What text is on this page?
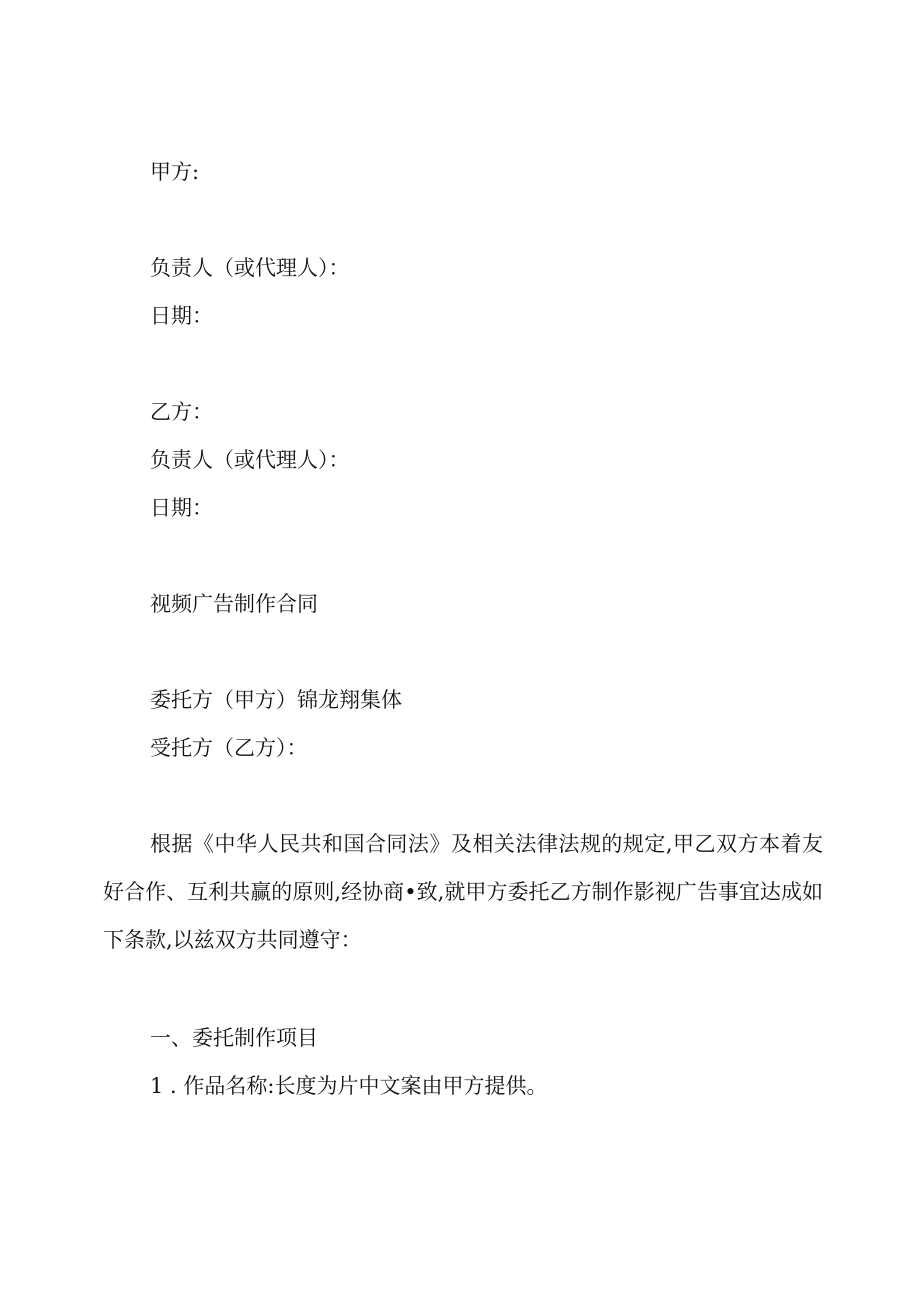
甲方:
负责人（或代理人）：
日期：
乙方：
负责人（或代理人）：
日期：
视频广告制作合同
委托方（甲方）锦龙翔集体
受托方（乙方）：
根据《中华人民共和国合同法》及相关法律法规的规定,甲乙双方本着友好合作、互利共赢的原则,经协商•致,就甲方委托乙方制作影视广告事宜达成如下条款,以兹双方共同遵守：
一、委托制作项目
1 . 作品名称:长度为片中文案由甲方提供。
